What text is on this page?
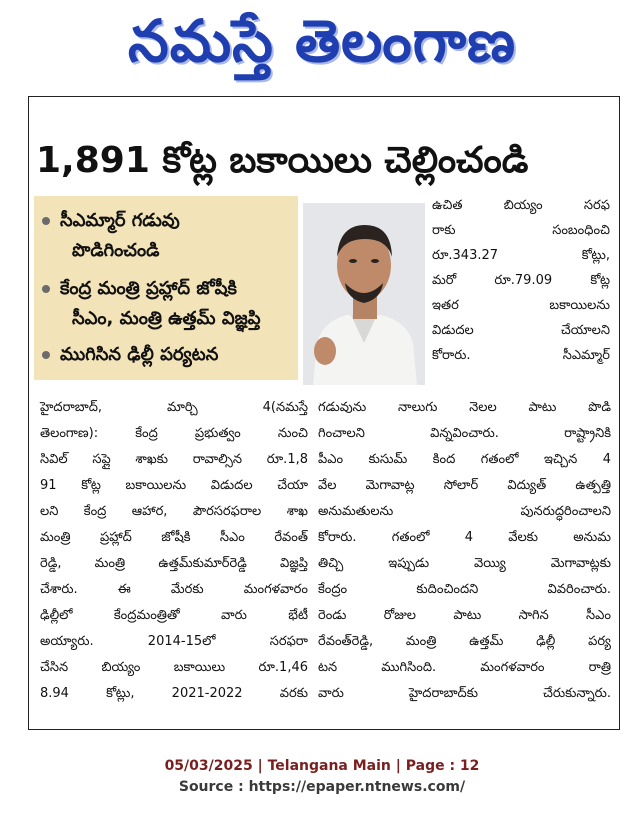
నమస్తే తెలంగాణ
1,891 కోట్ల బకాయిలు చెల్లించండి
సీఎమ్మార్ గడువు
పొడిగించండి
కేంద్ర మంత్రి ప్రహ్లాద్ జోషీకి
సీఎం, మంత్రి ఉత్తమ్ విజ్ఞప్తి
ముగిసిన ఢిల్లీ పర్యటన
ఉచిత బియ్యం సరఫ
రాకు సంబంధించి
రూ.343.27 కోట్లు,
మరో రూ.79.09 కోట్ల
ఇతర బకాయిలను
విడుదల చేయాలని
కోరారు. సీఎమ్మార్
హైదరాబాద్, మార్చి 4(నమస్తే
తెలంగాణ): కేంద్ర ప్రభుత్వం నుంచి
సివిల్ సప్లై శాఖకు రావాల్సిన రూ.1,8
91 కోట్ల బకాయిలను విడుదల చేయా
లని కేంద్ర ఆహార, పౌరసరఫరాల శాఖ
మంత్రి ప్రహ్లాద్ జోషీకి సీఎం రేవంత్
రెడ్డి, మంత్రి ఉత్తమ్‌కుమార్‌రెడ్డి విజ్ఞప్తి
చేశారు. ఈ మేరకు మంగళవారం
ఢిల్లీలో కేంద్రమంత్రితో వారు భేటీ
అయ్యారు. 2014-15లో సరఫరా
చేసిన బియ్యం బకాయిలు రూ.1,46
8.94 కోట్లు, 2021-2022 వరకు
గడువును నాలుగు నెలల పాటు పొడి
గించాలని విన్నవించారు. రాష్ట్రానికి
పీఎం కుసుమ్ కింద గతంలో ఇచ్చిన 4
వేల మెగావాట్ల సోలార్ విద్యుత్ ఉత్పత్తి
అనుమతులను పునరుద్ధరించాలని
కోరారు. గతంలో 4 వేలకు అనుమ
తిచ్చి ఇప్పుడు వెయ్యి మెగావాట్లకు
కేంద్రం కుదించిందని వివరించారు.
రెండు రోజుల పాటు సాగిన సీఎం
రేవంత్‌రెడ్డి, మంత్రి ఉత్తమ్ ఢిల్లీ పర్య
టన ముగిసింది. మంగళవారం రాత్రి
వారు హైదరాబాద్‌కు చేరుకున్నారు.
05/03/2025 | Telangana Main | Page : 12
Source : https://epaper.ntnews.com/
